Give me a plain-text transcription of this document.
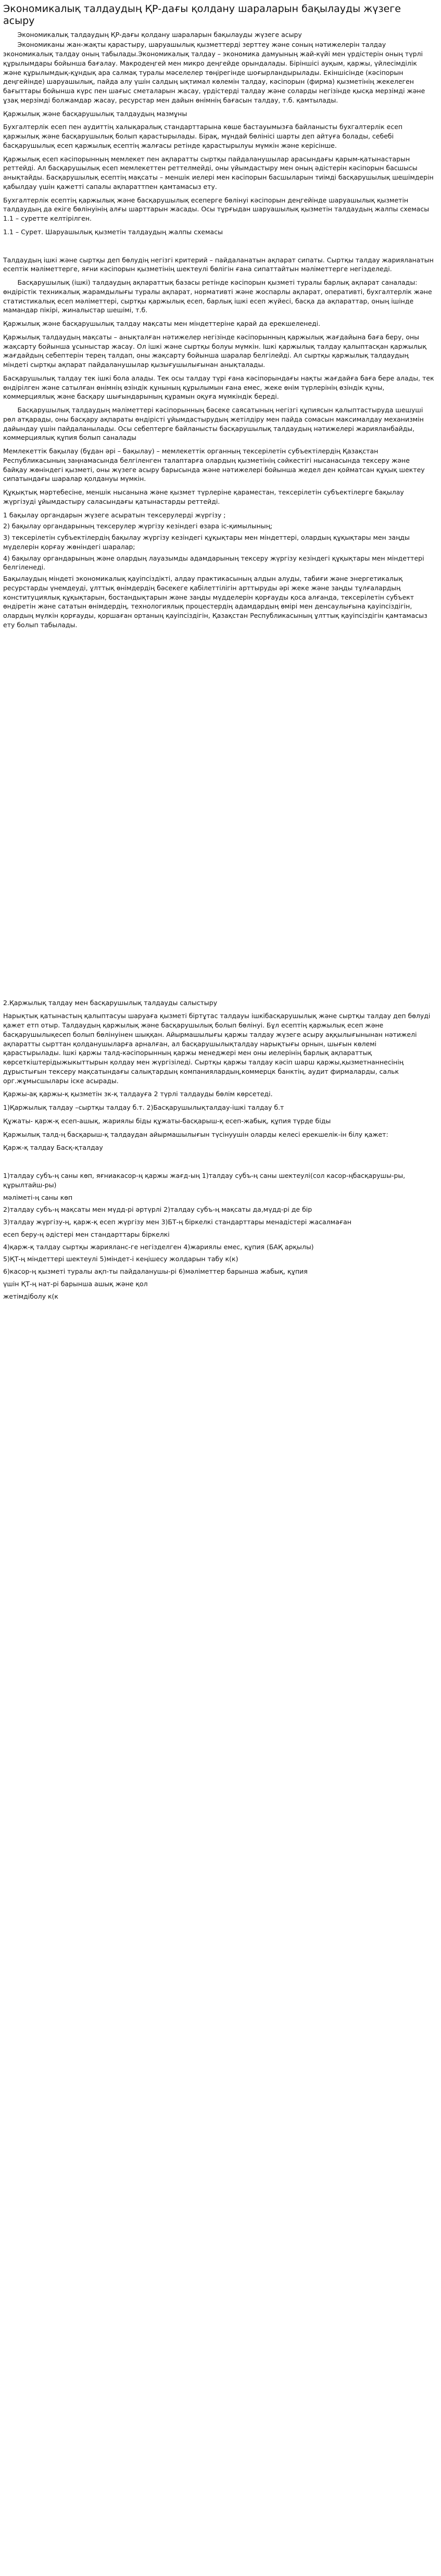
Экономикалық талдаудың ҚР-дағы қолдану шараларын бақылауды жүзеге асыру

Экономикалық талдаудың ҚР-дағы қолдану шараларын бақылауды жүзеге асыру

Экономиканы жан-жақты қарастыру, шаруашылық қызметтерді зерттеу және соның нәтижелерін талдау экономикалық талдау оның табылады.Экономикалық талдау – экономика дамуының жай-күйі мен үрдістерін оның түрлі құрылымдары бойынша бағалау. Макродеңгей мен микро деңгейде орындалады. Біріншісі ауқым, қаржы, үйлесімділік және құрылымдық-құндық ара салмақ туралы мәселелер төңірегінде шоғырландырылады. Екіншісінде (кәсіпорын деңгейінде) шаруашылық, пайда алу үшін салдың ықтимал көлемін талдау, кәсіпорын (фирма) қызметінің жекелеген бағыттары бойынша күрс пен шағыс сметаларын жасау, үрдістерді талдау және соларды негізінде қысқа мерзімді және ұзақ мерзімді болжамдар жасау, ресурстар мен дайын өнімнің бағасын талдау, т.б. қамтылады.

Қаржылық және басқарушылық талдаудың мазмұны

Бухгалтерлік есеп пен аудиттің халықаралық стандарттарына көше бастауымызға байланысты бухгалтерлік есеп қаржылық және басқарушылық болып қарастырылады. Бірақ, мұндай бөлінісі шарты деп айтуға болады, себебі басқарушылық есеп қаржылық есептің жалғасы ретінде қарастырылуы мүмкін және керісінше.

Қаржылық есеп кәсіпорынның мемлекет пен ақпаратты сыртқы пайдаланушылар арасындағы қарым-қатынастарын реттейді. Ал басқарушылық есеп мемлекеттен реттелмейді, оны үйымдастыру мен оның әдістерін кәсіпорын басшысы анықтайды. Басқарушылық есептің мақсаты – меншік иелері мен кәсіпорын басшыларын тиімді басқарушылық шешімдерін қабылдау үшін қажетті сапалы ақпараттпен қамтамасыз ету.

Бухгалтерлік есептің қаржылық және басқарушылық есеперге бөлінуі кәсіпорын деңгейінде шаруашылық қызметін талдаудың да екіге бөлінуінің алғы шарттарын жасады. Осы тұрғыдан шаруашылық қызметін талдаудың жалпы схемасы 1.1 – суретте келтірілген.

1.1 – Сурет. Шаруашылық қызметін талдаудың жалпы схемасы

Талдаудың ішкі және сыртқы деп бөлудің негізгі критерий – пайдаланатын ақпарат сипаты. Сыртқы талдау жарияланатын есептік мәліметтерге, яғни кәсіпорын қызметінің шектеулі бөлігін ғана сипаттайтын мәліметтерге негізделеді.

Басқарушылық (ішкі) талдаудың ақпараттық базасы ретінде кәсіпорын қызметі туралы барлық ақпарат саналады: өндірістік техникалық жарамдылығы туралы ақпарат, нормативті және жоспарлы ақпарат, оперативті, бухгалтерлік және статистикалық есеп мәліметтері, сыртқы қаржылық есеп, барлық ішкі есеп жүйесі, басқа да ақпараттар, оның ішінде мамандар пікірі, жиналыстар шешімі, т.б.

Қаржылық және басқарушылық талдау мақсаты мен міндеттеріне қарай да ерекшеленеді.

Қаржылық талдаудың мақсаты – анықталған нәтижелер негізінде кәсіпорынның қаржылық жағдайына баға беру, оны жақсарту бойынша ұсыныстар жасау. Ол ішкі және сыртқы болуы мүмкін. Ішкі қаржылық талдау қалыптасқан қаржылық жағдайдың себептерін терең талдап, оны жақсарту бойынша шаралар белгілейді. Ал сыртқы қаржылық талдаудың міндеті сыртқы ақпарат пайдаланушылар қызығушылығынан анықталады.

Басқарушылық талдау тек ішкі бола алады. Тек осы талдау түрі ғана кәсіпорындағы нақты жағдайға баға бере алады, тек өндірілген және сатылған өнімнің өзіндік құнының құрылымын ғана емес, жеке өнім түрлерінің өзіндік құны, коммерциялық және басқару шығындарының құрамын оқуға мүмкіндік береді.

Басқарушылық талдаудың мәліметтері кәсіпорынның бәсеке саясатының негізгі құпиясын қалыптастыруда шешуші рөл атқарады, оны басқару ақпараты өндірісті ұйымдастырудың жетілдіру мен пайда сомасын максималдау механизмін дайындау үшін пайдаланылады. Осы себептерге байланысты басқарушылық талдаудың нәтижелері жарияланбайды, коммерциялық құпия болып саналады

Мемлекеттік бақылау (бұдан әрі – бақылау) – мемлекеттік органның тексерілетін субъектілердің Қазақстан Республикасының заңнамасында белгіленген талаптарға олардың қызметінің сәйкестігі нысанасында тексеру және байқау жөніндегі қызметі, оны жүзеге асыру барысында және нәтижелері бойынша жедел ден қойматсан құқық шектеу сипатындағы шаралар қолдануы мүмкін.

Құқықтық мәртебесіне, меншік нысанына және қызмет түрлеріне қараместан, тексерілетін субъектілерге бақылау жүргізуді ұйымдастыру саласындағы қатынастарды реттейді.

1 бақылау органдарын жүзеге асыратын тексерулерді жүргізу ;

2) бақылау органдарының тексерулер жүргізу кезіндегі өзара іс-қимылының;

3) тексерілетін субъектілердің бақылау жүргізу кезіндегі құқықтары мен міндеттері, олардың құқықтары мен заңды мүделерін қорғау жөніндегі шаралар;

4) бақылау органдарының және олардың лауазымды адамдарының тексеру жүргізу кезіндегі құқықтары мен міндеттері белгіленеді.

Бақылаудың міндеті экономикалық қауіпсіздікті, алдау практикасының алдын алуды, табиғи және энергетикалық ресурстарды үнемдеуді, ұлттық өнімдердің бәсекеге қабілеттілігін арттыруды әрі жеке және заңды тұлғалардың конституциялық құқықтарын, бостандықтарын және заңды мүдделерін қорғауды қоса алғанда, тексерілетін субъект өндіретін және сататын өнімдердің, технологиялық процестердің адамдардың өмірі мен денсаулығына қауіпсіздігін, олардың мүлкін қорғауды, қоршаған ортаның қауіпсіздігін, Қазақстан Республикасының ұлттық қауіпсіздігін қамтамасыз ету болып табылады.

2.Қаржылық талдау мен басқарушылық талдауды салыстыру

Нарықтық қатынастың қалыптасуы шаруаға қызметі біртұтас талдауы ішкібасқарушылық және сыртқы талдау деп бөлуді қажет етп отыр. Талдаудың қаржылық және басқарушылық болып бөлінуі. Бұл есептің қаржылық есеп және басқарушылықесеп болып бөлінуінен шыққан. Айырмашылығы қаржы талдау жүзеге асыру аққылығынынан нәтижелі ақпаратты сырттан қолданушыларға арналған, ал басқарушылықталдау нарықтығы орнын, шығын көлемі қарастырылады. Ішкі қаржы талд-кәсіпорынның қаржы менеджері мен оны иелерінің барлық ақпараттық көрсеткіштерідыжыкыттырын қолдау мен жүргізіледі. Сыртқы қаржы талдау кәсіп шарш қаржы,қызметнаннесінің дұрыстығын тексеру мақсатындағы салықтардың компаниялардың,коммерцк банктің, аудит фирмаларды, сальк орг.жұмысшылары іске асырады.

Қаржы-ақ қаржы-қ қызметін зк-қ талдауға 2 түрлі талдауды бөлім көрсетеді.

1)Қаржылық талдау –сыртқы талдау б.т. 2)Басқарушылықталдау-ішкі талдау б.т

Құжаты- қарж-қ есеп-ашық, жариялы біды құжаты-басқарыш-қ есеп-жабық, құпия түрде біды

Қаржылық талд-ң басқарыш-қ талдаудан айырмашылығын түсінуушін оларды келесі ерекшелік-ін білу қажет:

Қарж-қ талдау Басқ-қталдау

1)талдау субъ-ң саны көп, яғниакасор-ң қаржы жағд-ың 1)талдау субъ-ң саны шектеулі(сол касор-ңбасқарушы-ры, құрылтайш-ры)

мәліметі-ң саны көп

2)талдау субъ-ң мақсаты мен мүдд-рі әртүрлі 2)талдау субъ-ң мақсаты да,мүдд-рі де бір

3)талдау жүргізу-ң, қарж-қ есеп жүргізу мен 3)БТ-ң біркелкі стандарттары менадістері жасалмаған

есеп беру-ң әдістері мен стандарттары біркелкі

4)қарж-қ талдау сыртқы жарияланс-ге негізделген 4)жариялы емес, құпия (БАҚ арқылы)

5)ҚТ-ң міндеттері шектеулі 5)міндет-і кеңішесу жолдарын табу к(к)

6)касор-ң қызметі туралы ақп-ты пайдаланушы-рі 6)мәліметтер барынша жабық, құпия

үшін ҚТ-ң нат-рі барынша ашық және қол

жетімдіболу к(к
